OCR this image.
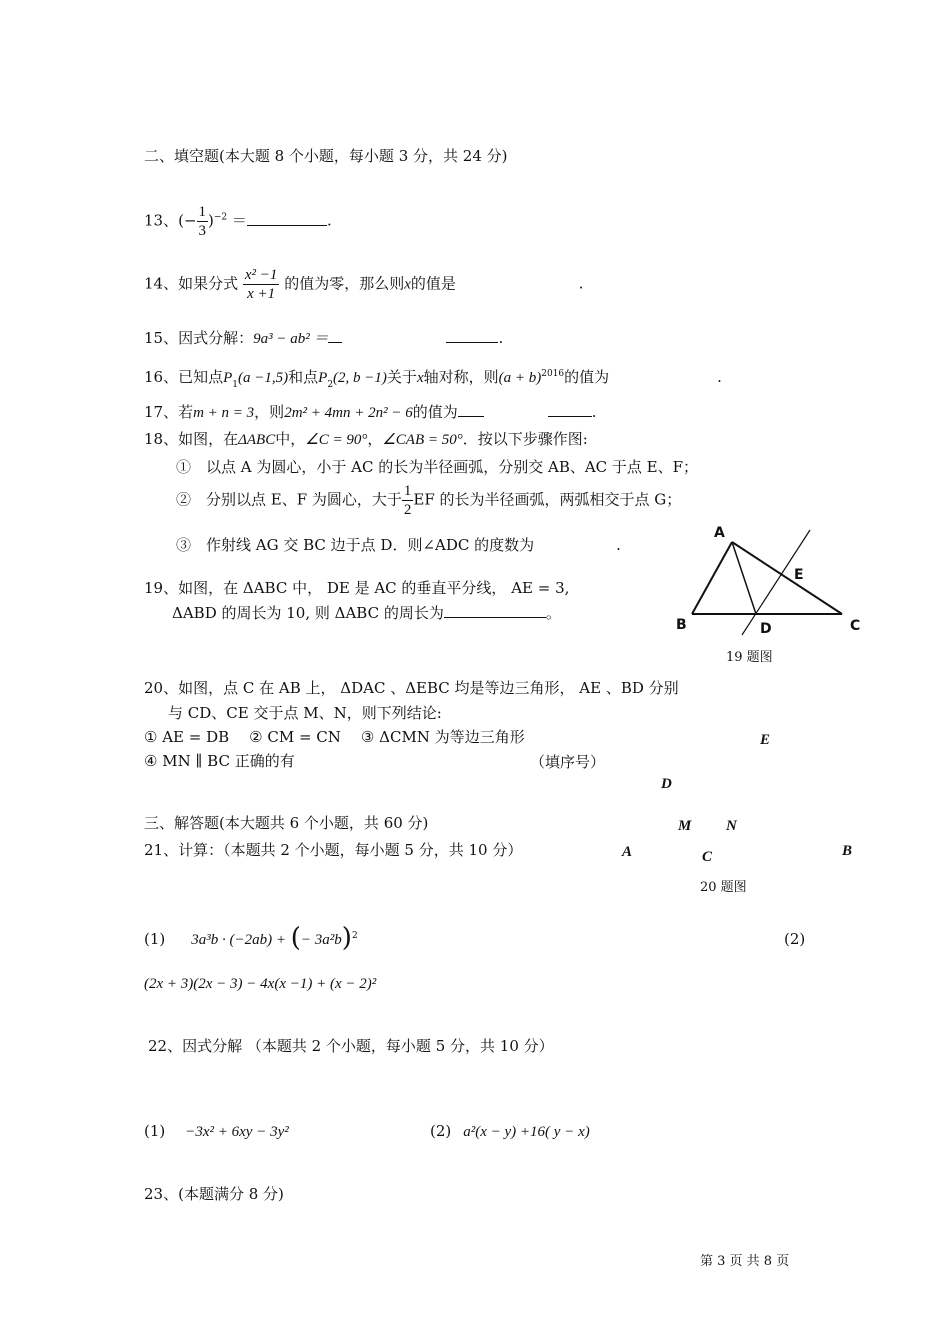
二、填空题(本大题 8 个小题，每小题 3 分，共 24 分)
13、(− $\frac{1}{3} )^{-2}$ ＝	.
14、如果分式 $\frac{\text{x² −1}}{x +1}$ 的值为零，那么则x的值是	.
15、因式分解：9a³ − ab² ＝	.
16、已知点$P_1(a -1,5)$和点$P_2(2$, b −1)关于x轴对称，则$(a + b)^{2016}$的值为	.
17、若m + n = 3，则2m² + 4mn + 2n² − 6的值为	.
18、如图，在ΔABC中，∠C = 90°，∠CAB = 50°．按以下步骤作图:
①　以点 A 为圆心，小于 AC 的长为半径画弧，分别交 AB、AC 于点 E、F；
②　分别以点 E、F 为圆心，大于 $\frac{1}{2}$ EF 的长为半径画弧，两弧相交于点 G；
③　作射线 AG 交 BC 边于点 D．则∠ADC 的度数为	.
19、如图，在 ΔABC 中， DE 是 AC 的垂直平分线， AE = 3,
ΔABD 的周长为 10, 则 ΔABC 的周长为	。
A
E
B	D	C
19 题图
20、如图，点 C 在 AB 上， ΔDAC 、ΔEBC 均是等边三角形， AE 、BD 分别
与 CD、CE 交于点 M、N，则下列结论:
① AE = DB ② CM = CN ③ ΔCMN 为等边三角形
④ MN ∥ BC 正确的有	（填序号）
E
D
M N
A	C	B
20 题图
三、解答题(本大题共 6 个小题，共 60 分)
21、计算：（本题共 2 个小题，每小题 5 分，共 10 分）
(1) 3a³b · (−2ab) + (− 3a²b)$^2$	(2)
(2x + 3)(2x − 3) − 4x(x −1) + (x − 2)²
22、因式分解 （本题共 2 个小题，每小题 5 分，共 10 分）
(1) −3x² + 6xy − 3y²	(2) a²(x − y) +16( y − x)
23、(本题满分 8 分)
第 3 页 共 8 页
